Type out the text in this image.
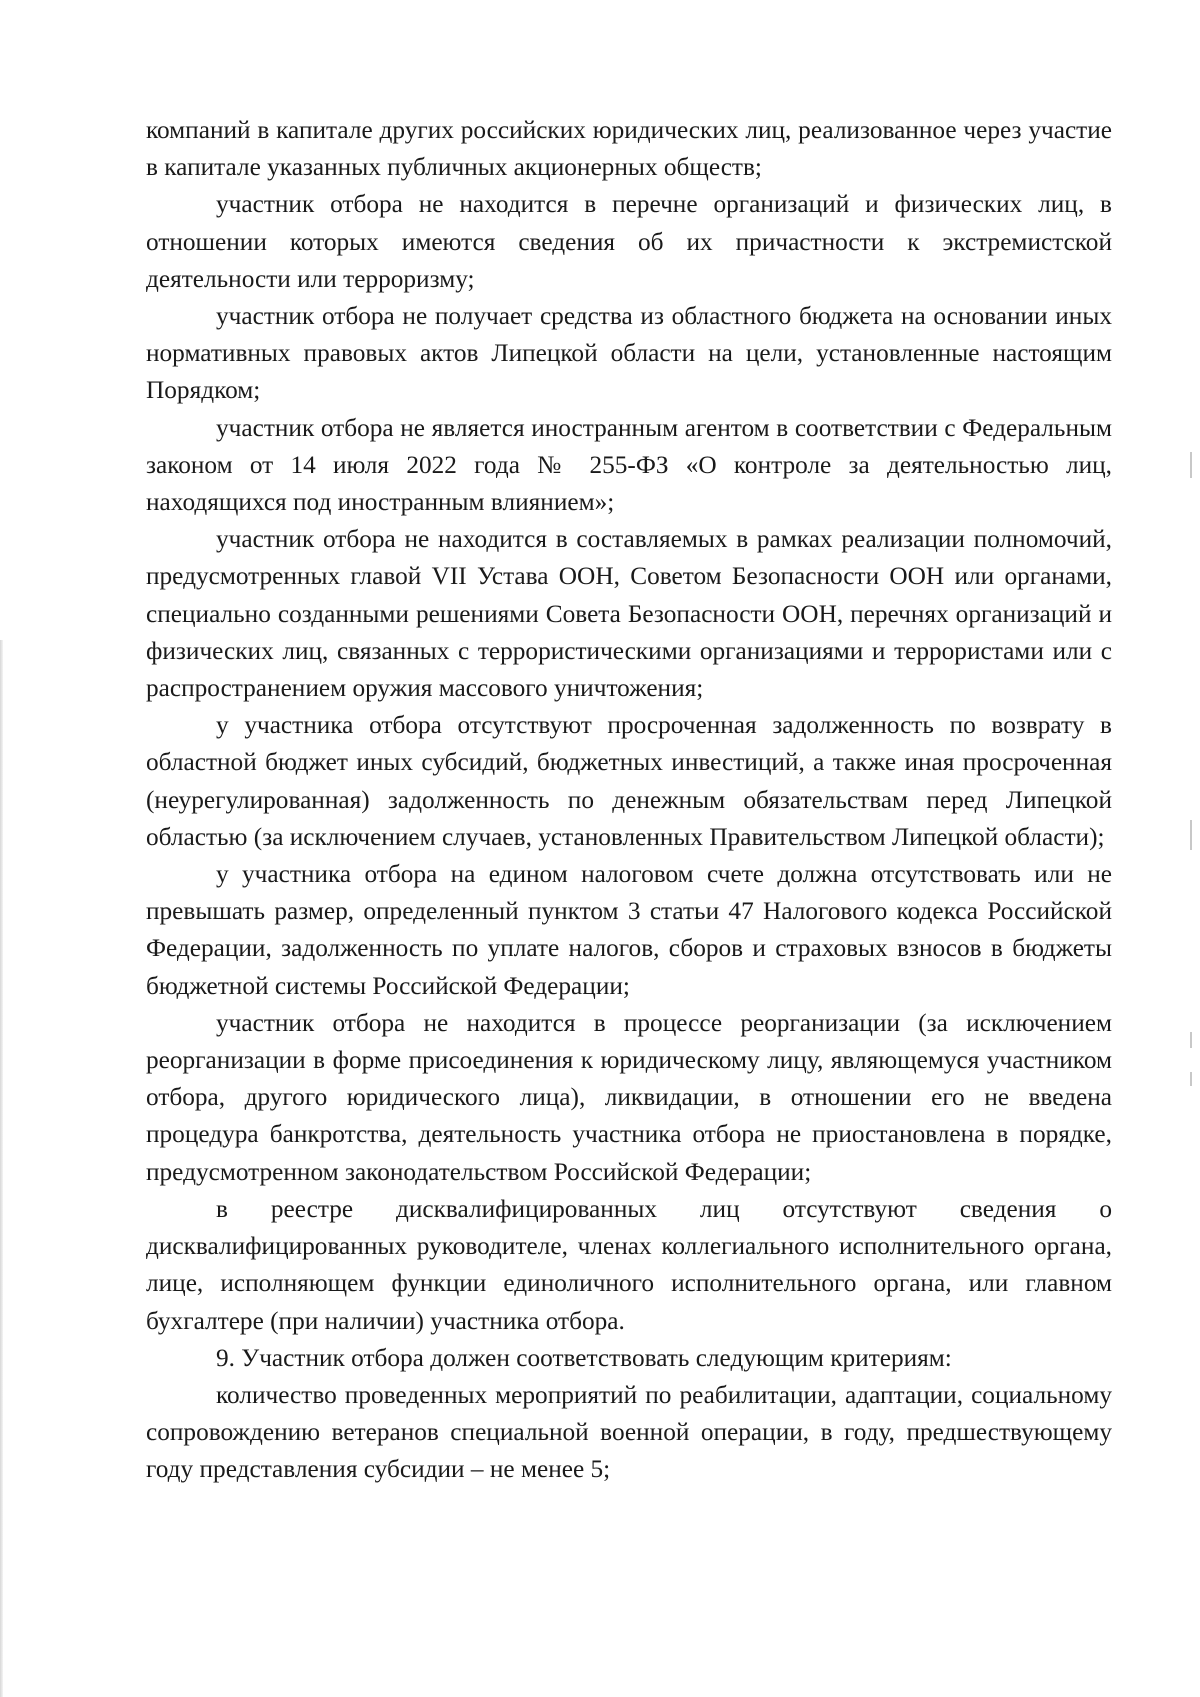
компаний в капитале других российских юридических лиц, реализованное через участие в капитале указанных публичных акционерных обществ;

участник отбора не находится в перечне организаций и физических лиц, в отношении которых имеются сведения об их причастности к экстремистской деятельности или терроризму;

участник отбора не получает средства из областного бюджета на основании иных нормативных правовых актов Липецкой области на цели, установленные настоящим Порядком;

участник отбора не является иностранным агентом в соответствии с Федеральным законом от 14 июля 2022 года № 255-ФЗ «О контроле за деятельностью лиц, находящихся под иностранным влиянием»;

участник отбора не находится в составляемых в рамках реализации полномочий, предусмотренных главой VII Устава ООН, Советом Безопасности ООН или органами, специально созданными решениями Совета Безопасности ООН, перечнях организаций и физических лиц, связанных с террористическими организациями и террористами или с распространением оружия массового уничтожения;

у участника отбора отсутствуют просроченная задолженность по возврату в областной бюджет иных субсидий, бюджетных инвестиций, а также иная просроченная (неурегулированная) задолженность по денежным обязательствам перед Липецкой областью (за исключением случаев, установленных Правительством Липецкой области);

у участника отбора на едином налоговом счете должна отсутствовать или не превышать размер, определенный пунктом 3 статьи 47 Налогового кодекса Российской Федерации, задолженность по уплате налогов, сборов и страховых взносов в бюджеты бюджетной системы Российской Федерации;

участник отбора не находится в процессе реорганизации (за исключением реорганизации в форме присоединения к юридическому лицу, являющемуся участником отбора, другого юридического лица), ликвидации, в отношении его не введена процедура банкротства, деятельность участника отбора не приостановлена в порядке, предусмотренном законодательством Российской Федерации;

в реестре дисквалифицированных лиц отсутствуют сведения о дисквалифицированных руководителе, членах коллегиального исполнительного органа, лице, исполняющем функции единоличного исполнительного органа, или главном бухгалтере (при наличии) участника отбора.

9. Участник отбора должен соответствовать следующим критериям:

количество проведенных мероприятий по реабилитации, адаптации, социальному сопровождению ветеранов специальной военной операции, в году, предшествующему году представления субсидии – не менее 5;
